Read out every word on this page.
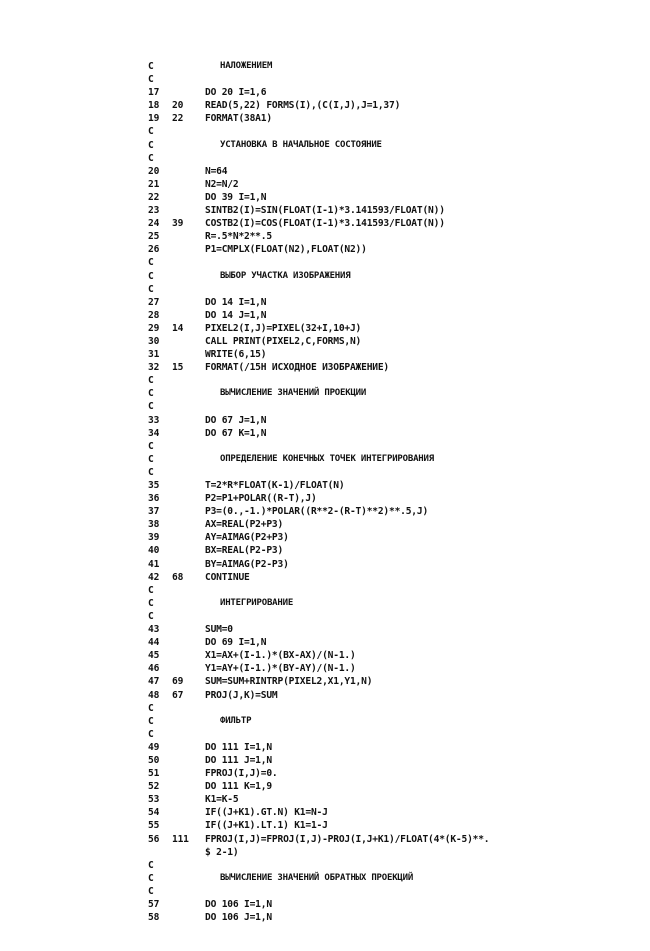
C	НАЛОЖЕНИЕМ
C
17	DO 20 I=1,6
18	20	READ(5,22) FORMS(I),(C(I,J),J=1,37)
19	22	FORMAT(38A1)
C
C	УСТАНОВКА В НАЧАЛЬНОЕ СОСТОЯНИЕ
C
20	N=64
21	N2=N/2
22	DO 39 I=1,N
23	SINTB2(I)=SIN(FLOAT(I-1)*3.141593/FLOAT(N))
24	39	COSTB2(I)=COS(FLOAT(I-1)*3.141593/FLOAT(N))
25	R=.5*N*2**.5
26	P1=CMPLX(FLOAT(N2),FLOAT(N2))
C
C	ВЫБОР УЧАСТКА ИЗОБРАЖЕНИЯ
C
27	DO 14 I=1,N
28	DO 14 J=1,N
29	14	PIXEL2(I,J)=PIXEL(32+I,10+J)
30	CALL PRINT(PIXEL2,C,FORMS,N)
31	WRITE(6,15)
32	15	FORMAT(/15H ИСХОДНОЕ ИЗОБРАЖЕНИЕ)
C
C	ВЫЧИСЛЕНИЕ ЗНАЧЕНИЙ ПРОЕКЦИИ
C
33	DO 67 J=1,N
34	DO 67 K=1,N
C
C	ОПРЕДЕЛЕНИЕ КОНЕЧНЫХ ТОЧЕК ИНТЕГРИРОВАНИЯ
C
35	T=2*R*FLOAT(K-1)/FLOAT(N)
36	P2=P1+POLAR((R-T),J)
37	P3=(0.,-1.)*POLAR((R**2-(R-T)**2)**.5,J)
38	AX=REAL(P2+P3)
39	AY=AIMAG(P2+P3)
40	BX=REAL(P2-P3)
41	BY=AIMAG(P2-P3)
42	68	CONTINUE
C
C	ИНТЕГРИРОВАНИЕ
C
43	SUM=0
44	DO 69 I=1,N
45	X1=AX+(I-1.)*(BX-AX)/(N-1.)
46	Y1=AY+(I-1.)*(BY-AY)/(N-1.)
47	69	SUM=SUM+RINTRP(PIXEL2,X1,Y1,N)
48	67	PROJ(J,K)=SUM
C
C	ФИЛЬТР
C
49	DO 111 I=1,N
50	DO 111 J=1,N
51	FPROJ(I,J)=0.
52	DO 111 K=1,9
53	K1=K-5
54	IF((J+K1).GT.N) K1=N-J
55	IF((J+K1).LT.1) K1=1-J
56	111	FPROJ(I,J)=FPROJ(I,J)-PROJ(I,J+K1)/FLOAT(4*(K-5)**.
$ 2-1)
C
C	ВЫЧИСЛЕНИЕ ЗНАЧЕНИЙ ОБРАТНЫХ ПРОЕКЦИЙ
C
57	DO 106 I=1,N
58	DO 106 J=1,N
